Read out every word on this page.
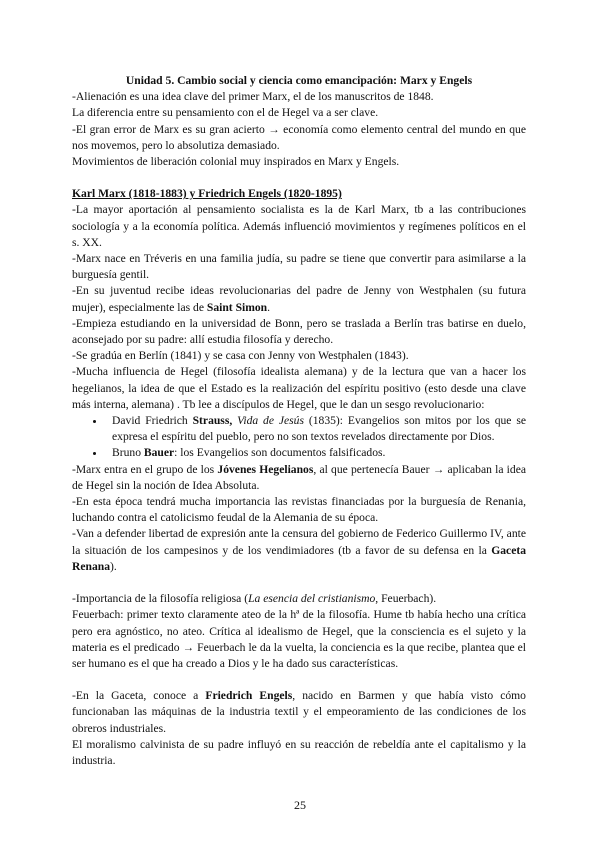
Unidad 5. Cambio social y ciencia como emancipación: Marx y Engels

-Alienación es una idea clave del primer Marx, el de los manuscritos de 1848.

La diferencia entre su pensamiento con el de Hegel va a ser clave.

-El gran error de Marx es su gran acierto → economía como elemento central del mundo en que nos movemos, pero lo absolutiza demasiado.

Movimientos de liberación colonial muy inspirados en Marx y Engels.

Karl Marx (1818-1883) y Friedrich Engels (1820-1895)

-La mayor aportación al pensamiento socialista es la de Karl Marx, tb a las contribuciones sociología y a la economía política. Además influenció movimientos y regímenes políticos en el s. XX.

-Marx nace en Tréveris en una familia judía, su padre se tiene que convertir para asimilarse a la burguesía gentil.

-En su juventud recibe ideas revolucionarias del padre de Jenny von Westphalen (su futura mujer), especialmente las de Saint Simon.

-Empieza estudiando en la universidad de Bonn, pero se traslada a Berlín tras batirse en duelo, aconsejado por su padre: allí estudia filosofía y derecho.

-Se gradúa en Berlín (1841) y se casa con Jenny von Westphalen (1843).

-Mucha influencia de Hegel (filosofía idealista alemana) y de la lectura que van a hacer los hegelianos, la idea de que el Estado es la realización del espíritu positivo (esto desde una clave más interna, alemana) . Tb lee a discípulos de Hegel, que le dan un sesgo revolucionario:

• David Friedrich Strauss, Vida de Jesús (1835): Evangelios son mitos por los que se expresa el espíritu del pueblo, pero no son textos revelados directamente por Dios.
• Bruno Bauer: los Evangelios son documentos falsificados.

-Marx entra en el grupo de los Jóvenes Hegelianos, al que pertenecía Bauer → aplicaban la idea de Hegel sin la noción de Idea Absoluta.

-En esta época tendrá mucha importancia las revistas financiadas por la burguesía de Renania, luchando contra el catolicismo feudal de la Alemania de su época.

-Van a defender libertad de expresión ante la censura del gobierno de Federico Guillermo IV, ante la situación de los campesinos y de los vendimiadores (tb a favor de su defensa en la Gaceta Renana).

-Importancia de la filosofía religiosa (La esencia del cristianismo, Feuerbach).

Feuerbach: primer texto claramente ateo de la hª de la filosofía. Hume tb había hecho una crítica pero era agnóstico, no ateo. Crítica al idealismo de Hegel, que la consciencia es el sujeto y la materia es el predicado → Feuerbach le da la vuelta, la conciencia es la que recibe, plantea que el ser humano es el que ha creado a Dios y le ha dado sus características.

-En la Gaceta, conoce a Friedrich Engels, nacido en Barmen y que había visto cómo funcionaban las máquinas de la industria textil y el empeoramiento de las condiciones de los obreros industriales.

El moralismo calvinista de su padre influyó en su reacción de rebeldía ante el capitalismo y la industria.

25
